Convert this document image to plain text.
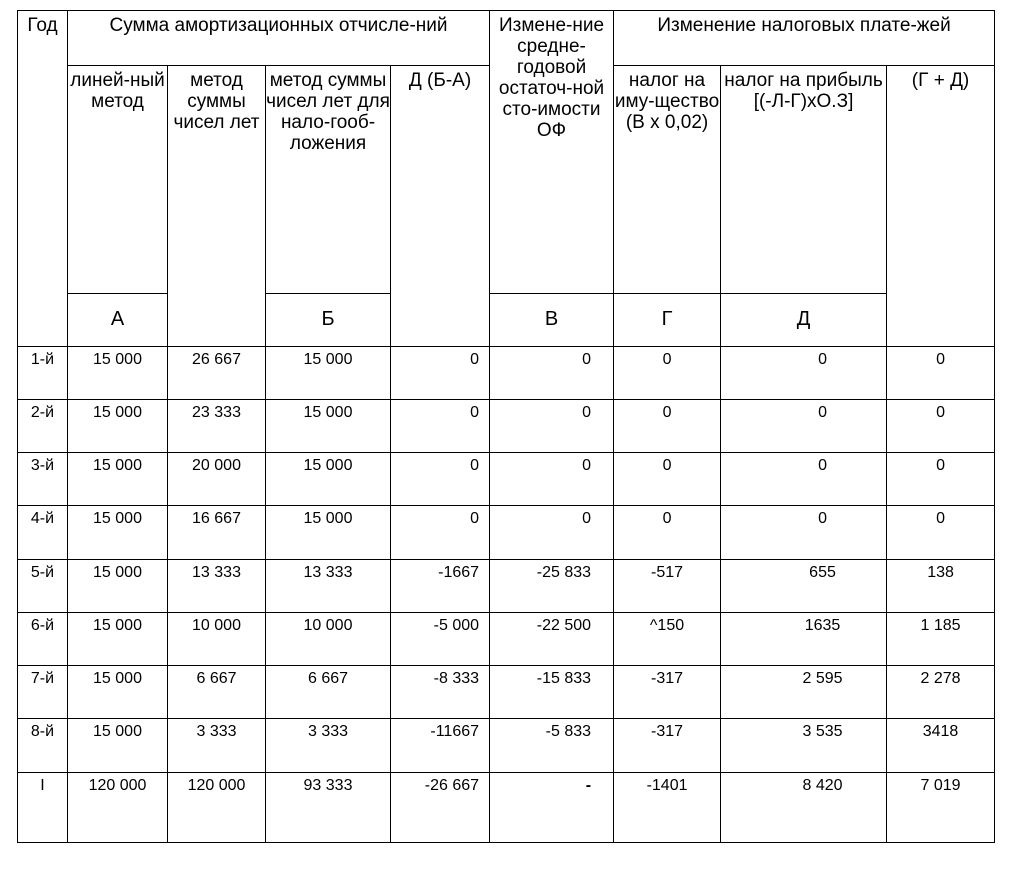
Год	Сумма амортизационных отчисле-ний				Измене-ние средне-годовой остаточ-ной сто-имости ОФ	Изменение налоговых плате-жей		
	линей-ный метод	метод суммы чисел лет	метод суммы чисел лет для нало-гооб-ложения	Д (Б-А)		налог на иму-щество (В х 0,02)	налог на прибыль [(-Л-Г)хО.З]	(Г + Д)
	А		Б		В	Г	Д	
1-й	15 000	26 667	15 000	0	0	0	0	0
2-й	15 000	23 333	15 000	0	0	0	0	0
3-й	15 000	20 000	15 000	0	0	0	0	0
4-й	15 000	16 667	15 000	0	0	0	0	0
5-й	15 000	13 333	13 333	-1667	-25 833	-517	655	138
6-й	15 000	10 000	10 000	-5 000	-22 500	^150	1635	1 185
7-й	15 000	6 667	6 667	-8 333	-15 833	-317	2 595	2 278
8-й	15 000	3 333	3 333	-11667	-5 833	-317	3 535	3418
I	120 000	120 000	93 333	-26 667	-	-1401	8 420	7 019
